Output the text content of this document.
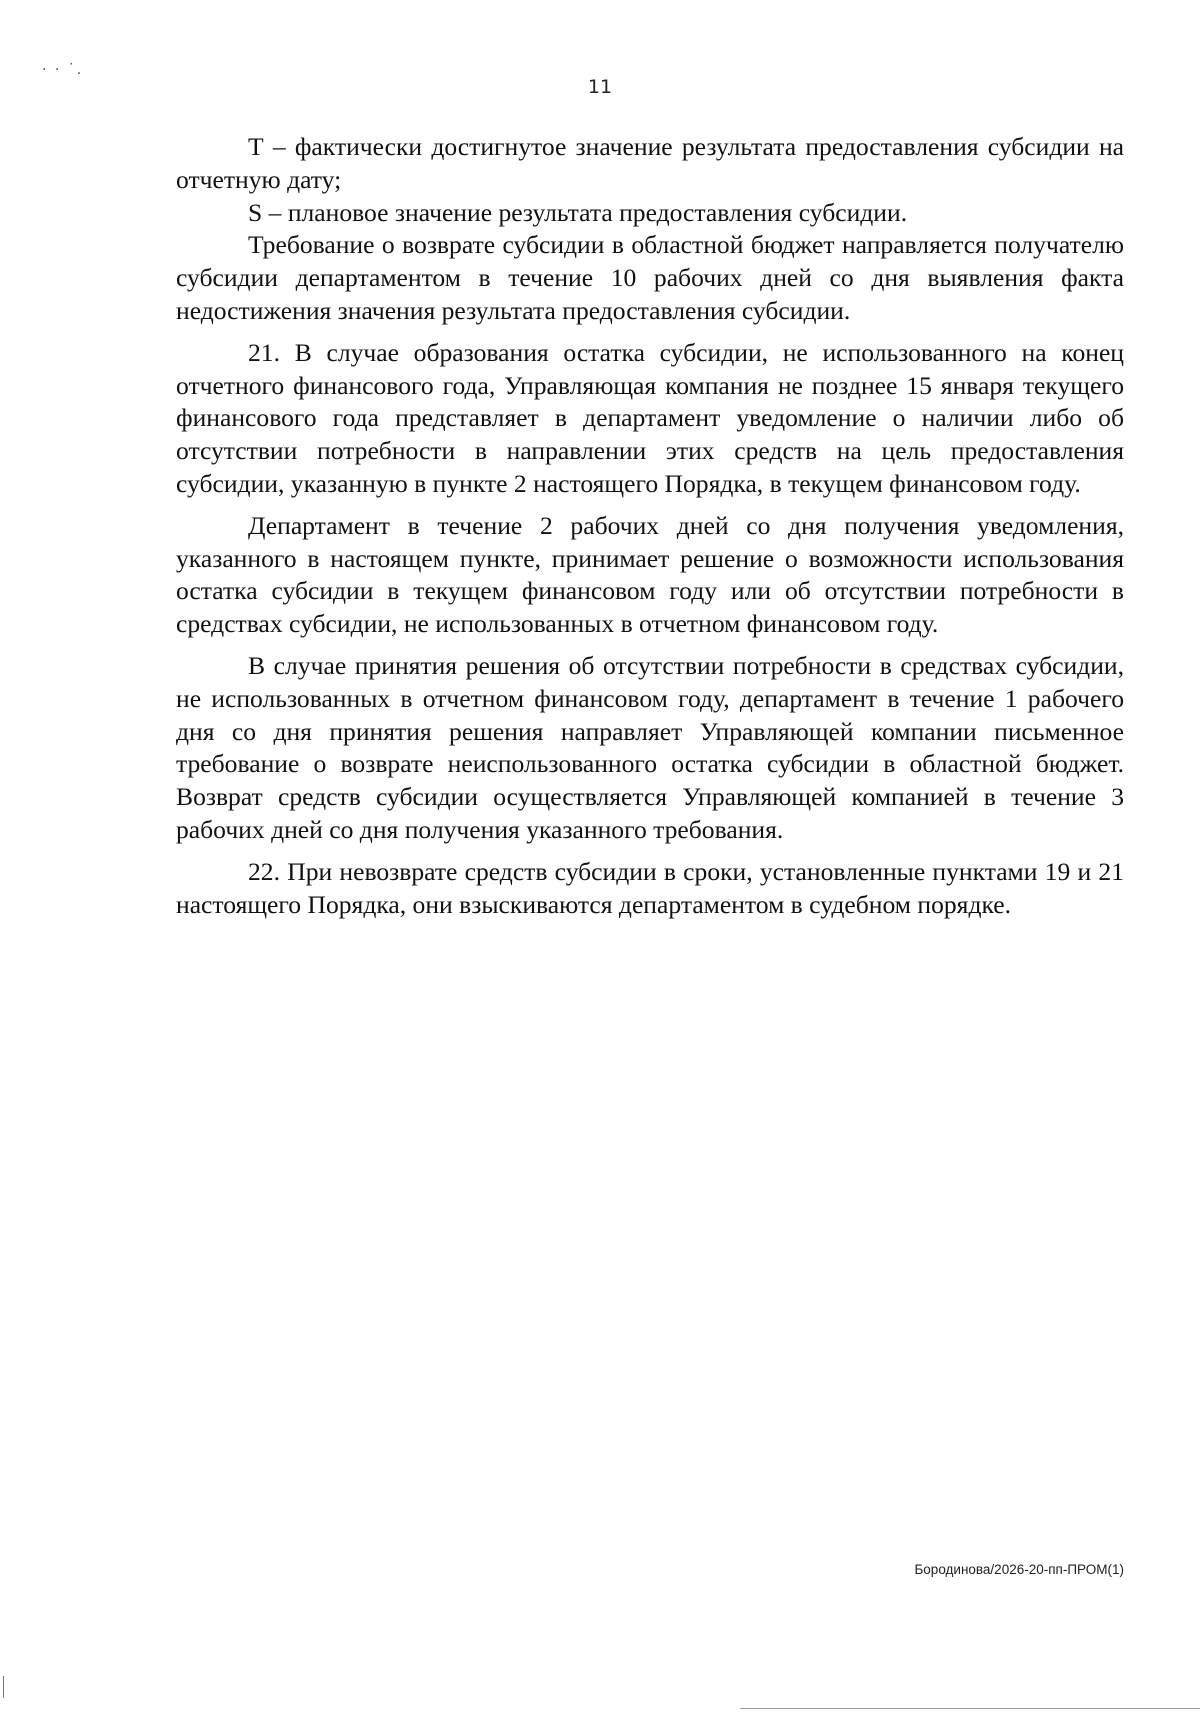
· · ˙.
11

Т – фактически достигнутое значение результата предоставления субсидии на отчетную дату;

S – плановое значение результата предоставления субсидии.

Требование о возврате субсидии в областной бюджет направляется получателю субсидии департаментом в течение 10 рабочих дней со дня выявления факта недостижения значения результата предоставления субсидии.

21. В случае образования остатка субсидии, не использованного на конец отчетного финансового года, Управляющая компания не позднее 15 января текущего финансового года представляет в департамент уведомление о наличии либо об отсутствии потребности в направлении этих средств на цель предоставления субсидии, указанную в пункте 2 настоящего Порядка, в текущем финансовом году.

Департамент в течение 2 рабочих дней со дня получения уведомления, указанного в настоящем пункте, принимает решение о возможности использования остатка субсидии в текущем финансовом году или об отсутствии потребности в средствах субсидии, не использованных в отчетном финансовом году.

В случае принятия решения об отсутствии потребности в средствах субсидии, не использованных в отчетном финансовом году, департамент в течение 1 рабочего дня со дня принятия решения направляет Управляющей компании письменное требование о возврате неиспользованного остатка субсидии в областной бюджет. Возврат средств субсидии осуществляется Управляющей компанией в течение 3 рабочих дней со дня получения указанного требования.

22. При невозврате средств субсидии в сроки, установленные пунктами 19 и 21 настоящего Порядка, они взыскиваются департаментом в судебном порядке.

Бородинова/2026-20-пп-ПРОМ(1)
